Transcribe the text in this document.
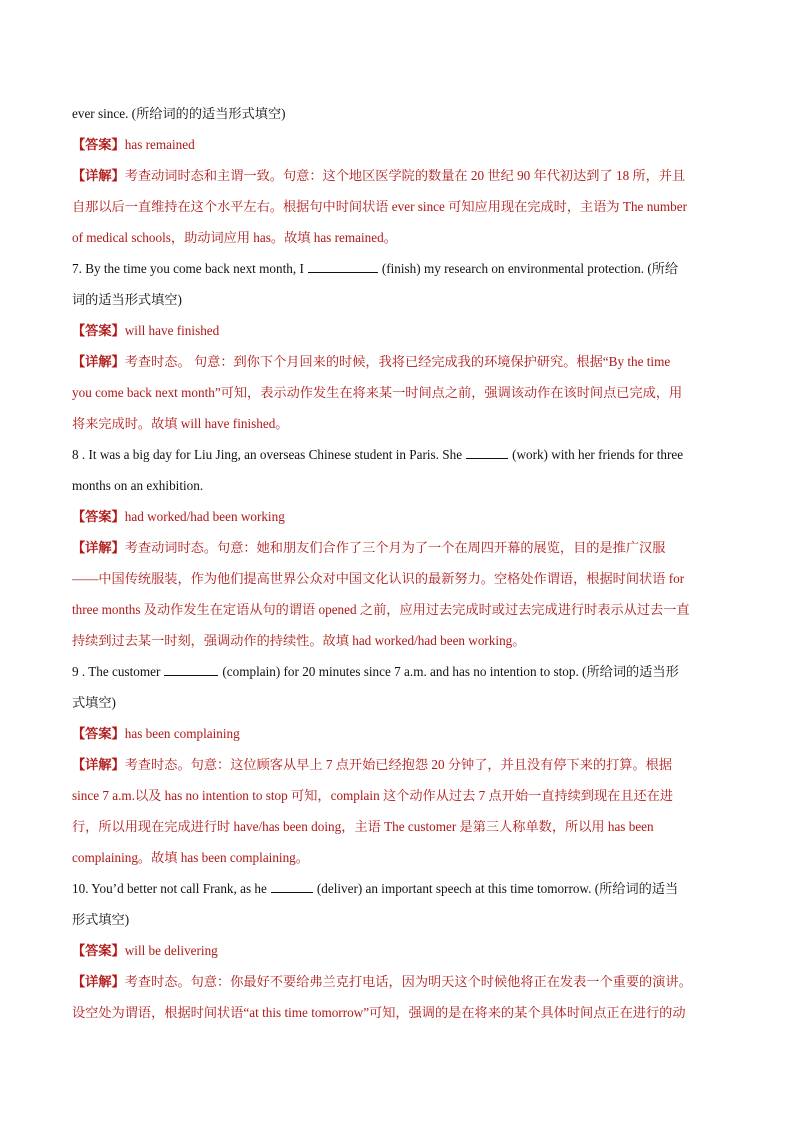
ever since. (所给词的的适当形式填空)
【答案】has remained
【详解】考查动词时态和主谓一致。句意：这个地区医学院的数量在 20 世纪 90 年代初达到了 18 所，并且
自那以后一直维持在这个水平左右。根据句中时间状语 ever since 可知应用现在完成时，主语为 The number
of medical schools，助动词应用 has。故填 has remained。
7. By the time you come back next month, I	(finish) my research on environmental protection. (所给
词的适当形式填空)
【答案】will have finished
【详解】考查时态。 句意：到你下个月回来的时候，我将已经完成我的环境保护研究。根据“By the time
you come back next month”可知，表示动作发生在将来某一时间点之前，强调该动作在该时间点已完成，用
将来完成时。故填 will have finished。
8 . It was a big day for Liu Jing, an overseas Chinese student in Paris. She	(work) with her friends for three
months on an exhibition.
【答案】had worked/had been working
【详解】考查动词时态。句意：她和朋友们合作了三个月为了一个在周四开幕的展览，目的是推广汉服
——中国传统服装，作为他们提高世界公众对中国文化认识的最新努力。空格处作谓语，根据时间状语 for
three months 及动作发生在定语从句的谓语 opened 之前，应用过去完成时或过去完成进行时表示从过去一直
持续到过去某一时刻，强调动作的持续性。故填 had worked/had been working。
9 . The customer	(complain) for 20 minutes since 7 a.m. and has no intention to stop. (所给词的适当形
式填空)
【答案】has been complaining
【详解】考查时态。句意：这位顾客从早上 7 点开始已经抱怨 20 分钟了，并且没有停下来的打算。根据
since 7 a.m.以及 has no intention to stop 可知，complain 这个动作从过去 7 点开始一直持续到现在且还在进
行，所以用现在完成进行时 have/has been doing，主语 The customer 是第三人称单数，所以用 has been
complaining。故填 has been complaining。
10. You’d better not call Frank, as he	(deliver) an important speech at this time tomorrow. (所给词的适当
形式填空)
【答案】will be delivering
【详解】考查时态。句意：你最好不要给弗兰克打电话，因为明天这个时候他将正在发表一个重要的演讲。
设空处为谓语，根据时间状语“at this time tomorrow”可知，强调的是在将来的某个具体时间点正在进行的动
